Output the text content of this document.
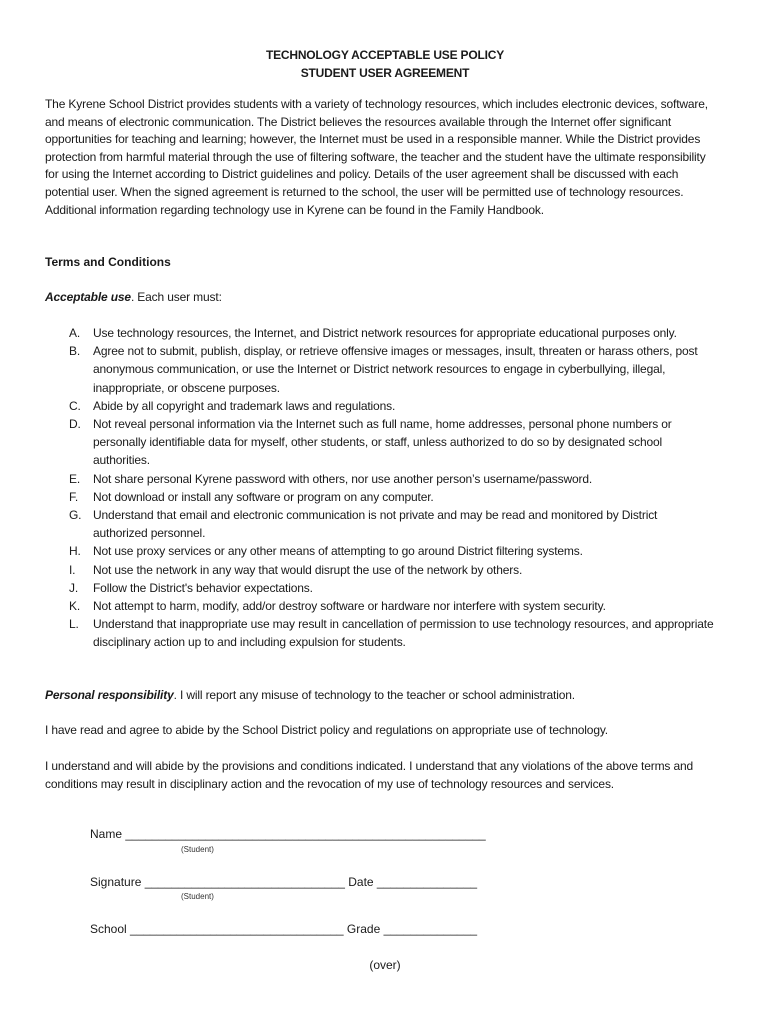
TECHNOLOGY ACCEPTABLE USE POLICY
STUDENT USER AGREEMENT
The Kyrene School District provides students with a variety of technology resources, which includes electronic devices, software, and means of electronic communication. The District believes the resources available through the Internet offer significant opportunities for teaching and learning; however, the Internet must be used in a responsible manner. While the District provides protection from harmful material through the use of filtering software, the teacher and the student have the ultimate responsibility for using the Internet according to District guidelines and policy. Details of the user agreement shall be discussed with each potential user. When the signed agreement is returned to the school, the user will be permitted use of technology resources. Additional information regarding technology use in Kyrene can be found in the Family Handbook.
Terms and Conditions
Acceptable use. Each user must:
A.	Use technology resources, the Internet, and District network resources for appropriate educational purposes only.
B.	Agree not to submit, publish, display, or retrieve offensive images or messages, insult, threaten or harass others, post anonymous communication, or use the Internet or District network resources to engage in cyberbullying, illegal, inappropriate, or obscene purposes.
C.	Abide by all copyright and trademark laws and regulations.
D.	Not reveal personal information via the Internet such as full name, home addresses, personal phone numbers or personally identifiable data for myself, other students, or staff, unless authorized to do so by designated school authorities.
E.	Not share personal Kyrene password with others, nor use another person’s username/password.
F.	Not download or install any software or program on any computer.
G. Understand that email and electronic communication is not private and may be read and monitored by District authorized personnel.
H.	Not use proxy services or any other means of attempting to go around District filtering systems.
I.	Not use the network in any way that would disrupt the use of the network by others.
J.	Follow the District's behavior expectations.
K.	Not attempt to harm, modify, add/or destroy software or hardware nor interfere with system security.
L.	Understand that inappropriate use may result in cancellation of permission to use technology resources, and appropriate disciplinary action up to and including expulsion for students.
Personal responsibility. I will report any misuse of technology to the teacher or school administration.
I have read and agree to abide by the School District policy and regulations on appropriate use of technology.
I understand and will abide by the provisions and conditions indicated. I understand that any violations of the above terms and conditions may result in disciplinary action and the revocation of my use of technology resources and services.
Name ______________________________________________________
(Student)
Signature ______________________________ Date _______________
(Student)
School ________________________________ Grade ______________
(over)
